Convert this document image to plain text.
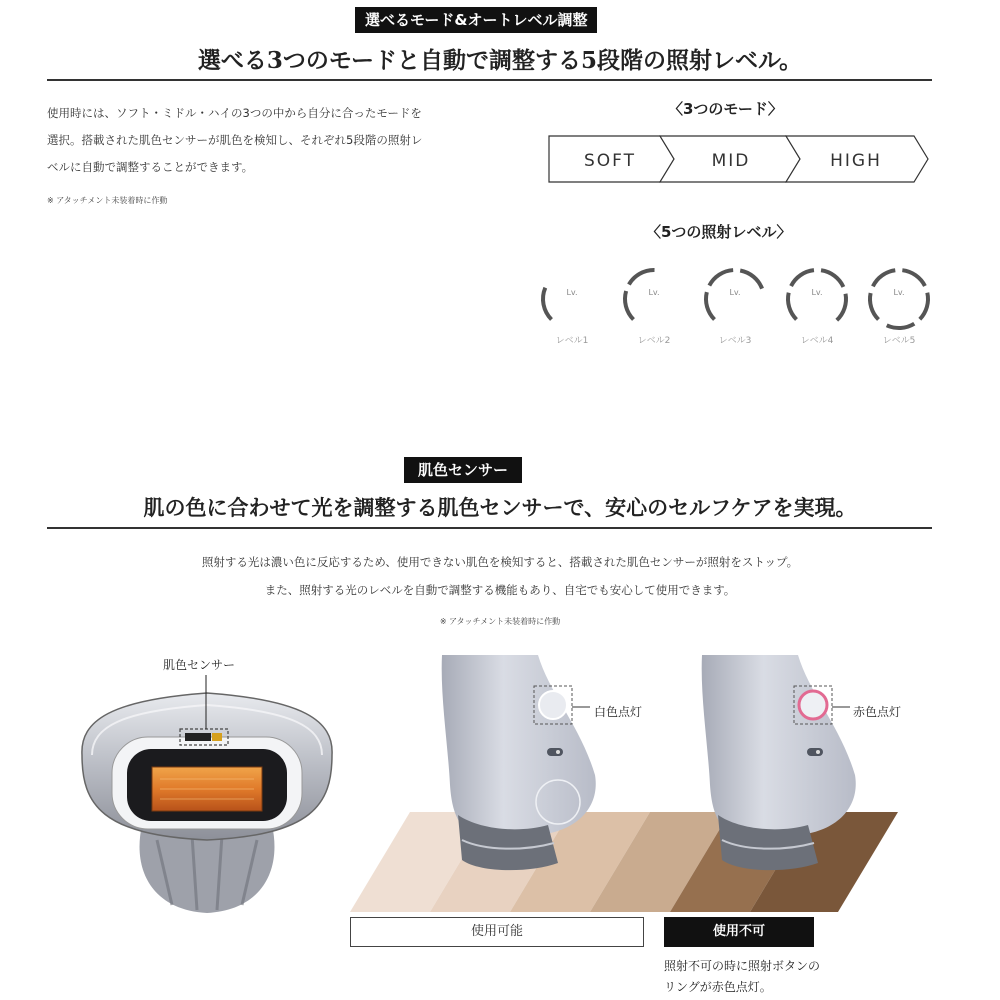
選べるモード&オートレベル調整
選べる3つのモードと自動で調整する5段階の照射レベル。
使用時には、ソフト・ミドル・ハイの3つの中から自分に合ったモードを
選択。搭載された肌色センサーが肌色を検知し、それぞれ5段階の照射レ
ベルに自動で調整することができます。
※ アタッチメント未装着時に作動
〈3つのモード〉
SOFT	MID	HIGH
〈5つの照射レベル〉
Lv.
レベル1
Lv.
レベル2
Lv.
レベル3
Lv.
レベル4
Lv.
レベル5
肌色センサー
肌の色に合わせて光を調整する肌色センサーで、安心のセルフケアを実現。
照射する光は濃い色に反応するため、使用できない肌色を検知すると、搭載された肌色センサーが照射をストップ。
また、照射する光のレベルを自動で調整する機能もあり、自宅でも安心して使用できます。
※ アタッチメント未装着時に作動
肌色センサー
白色点灯	赤色点灯
使用可能	使用不可
照射不可の時に照射ボタンの
リングが赤色点灯。
